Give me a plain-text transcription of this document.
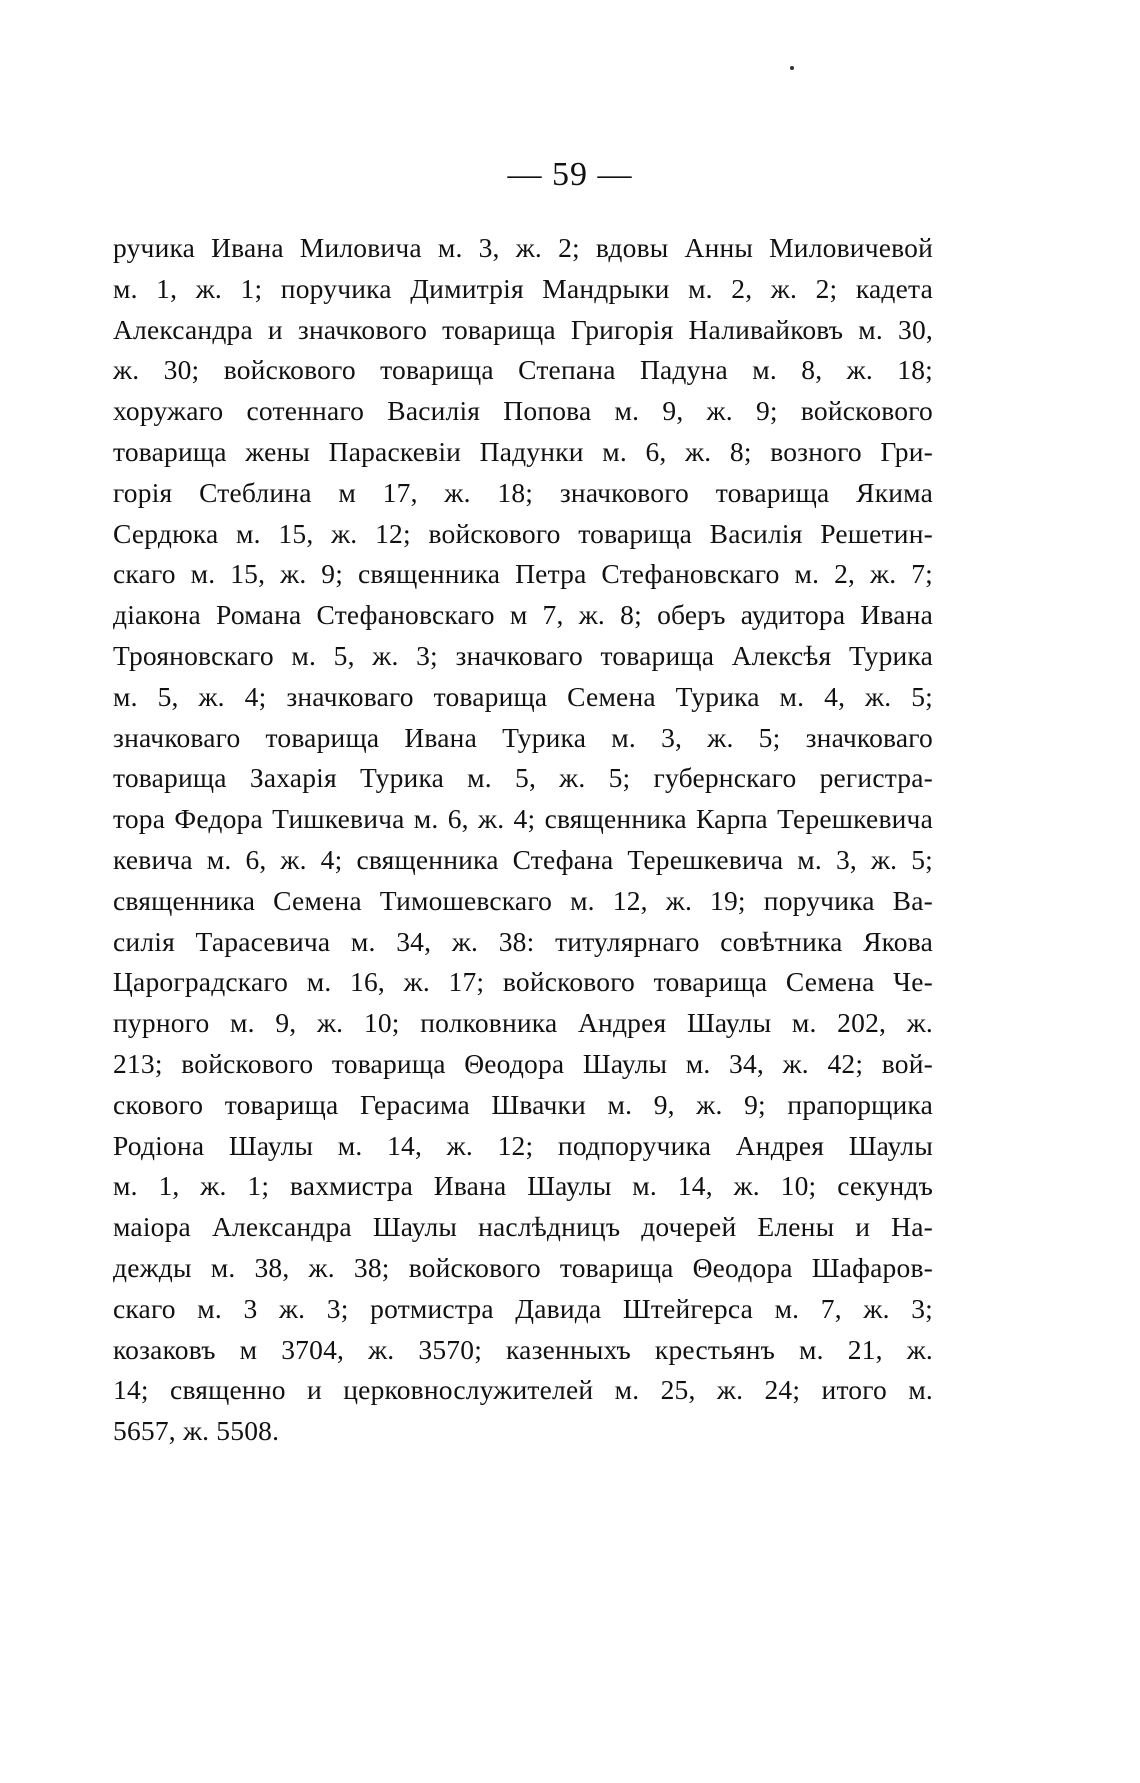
— 59 —
ручика Ивана Миловича м. 3, ж. 2; вдовы Анны Миловичевой
м. 1, ж. 1; поручика Димитрія Мандрыки м. 2, ж. 2; кадета
Александра и значкового товарища Григорія Наливайковъ м. 30,
ж. 30; войскового товарища Степана Падуна м. 8, ж. 18;
хоружаго сотеннаго Василія Попова м. 9, ж. 9; войскового
товарища жены Параскевіи Падунки м. 6, ж. 8; возного Гри-
горія Стеблина м 17, ж. 18; значкового товарища Якима
Сердюка м. 15, ж. 12; войскового товарища Василія Решетин-
скаго м. 15, ж. 9; священника Петра Стефановскаго м. 2, ж. 7;
діакона Романа Стефановскаго м 7, ж. 8; оберъ аудитора Ивана
Трояновскаго м. 5, ж. 3; значковаго товарища Алексѣя Турика
м. 5, ж. 4; значковаго товарища Семена Турика м. 4, ж. 5;
значковаго товарища Ивана Турика м. 3, ж. 5; значковаго
товарища Захарія Турика м. 5, ж. 5; губернскаго регистра-
тора Федора Тишкевича м. 6, ж. 4; священника Карпа Терешкевича
кевича м. 6, ж. 4; священника Стефана Терешкевича м. 3, ж. 5;
священника Семена Тимошевскаго м. 12, ж. 19; поручика Ва-
силія Тарасевича м. 34, ж. 38: титулярнаго совѣтника Якова
Цароградскаго м. 16, ж. 17; войскового товарища Семена Че-
пурного м. 9, ж. 10; полковника Андрея Шаулы м. 202, ж.
213; войскового товарища Θеодора Шаулы м. 34, ж. 42; вой-
скового товарища Герасима Швачки м. 9, ж. 9; прапорщика
Родіона Шаулы м. 14, ж. 12; подпоручика Андрея Шаулы
м. 1, ж. 1; вахмистра Ивана Шаулы м. 14, ж. 10; секундъ
маіора Александра Шаулы наслѣдницъ дочерей Елены и На-
дежды м. 38, ж. 38; войскового товарища Θеодора Шафаров-
скаго м. 3 ж. 3; ротмистра Давида Штейгерса м. 7, ж. 3;
козаковъ м 3704, ж. 3570; казенныхъ крестьянъ м. 21, ж.
14; священно и церковнослужителей м. 25, ж. 24; итого м.
5657, ж. 5508.
